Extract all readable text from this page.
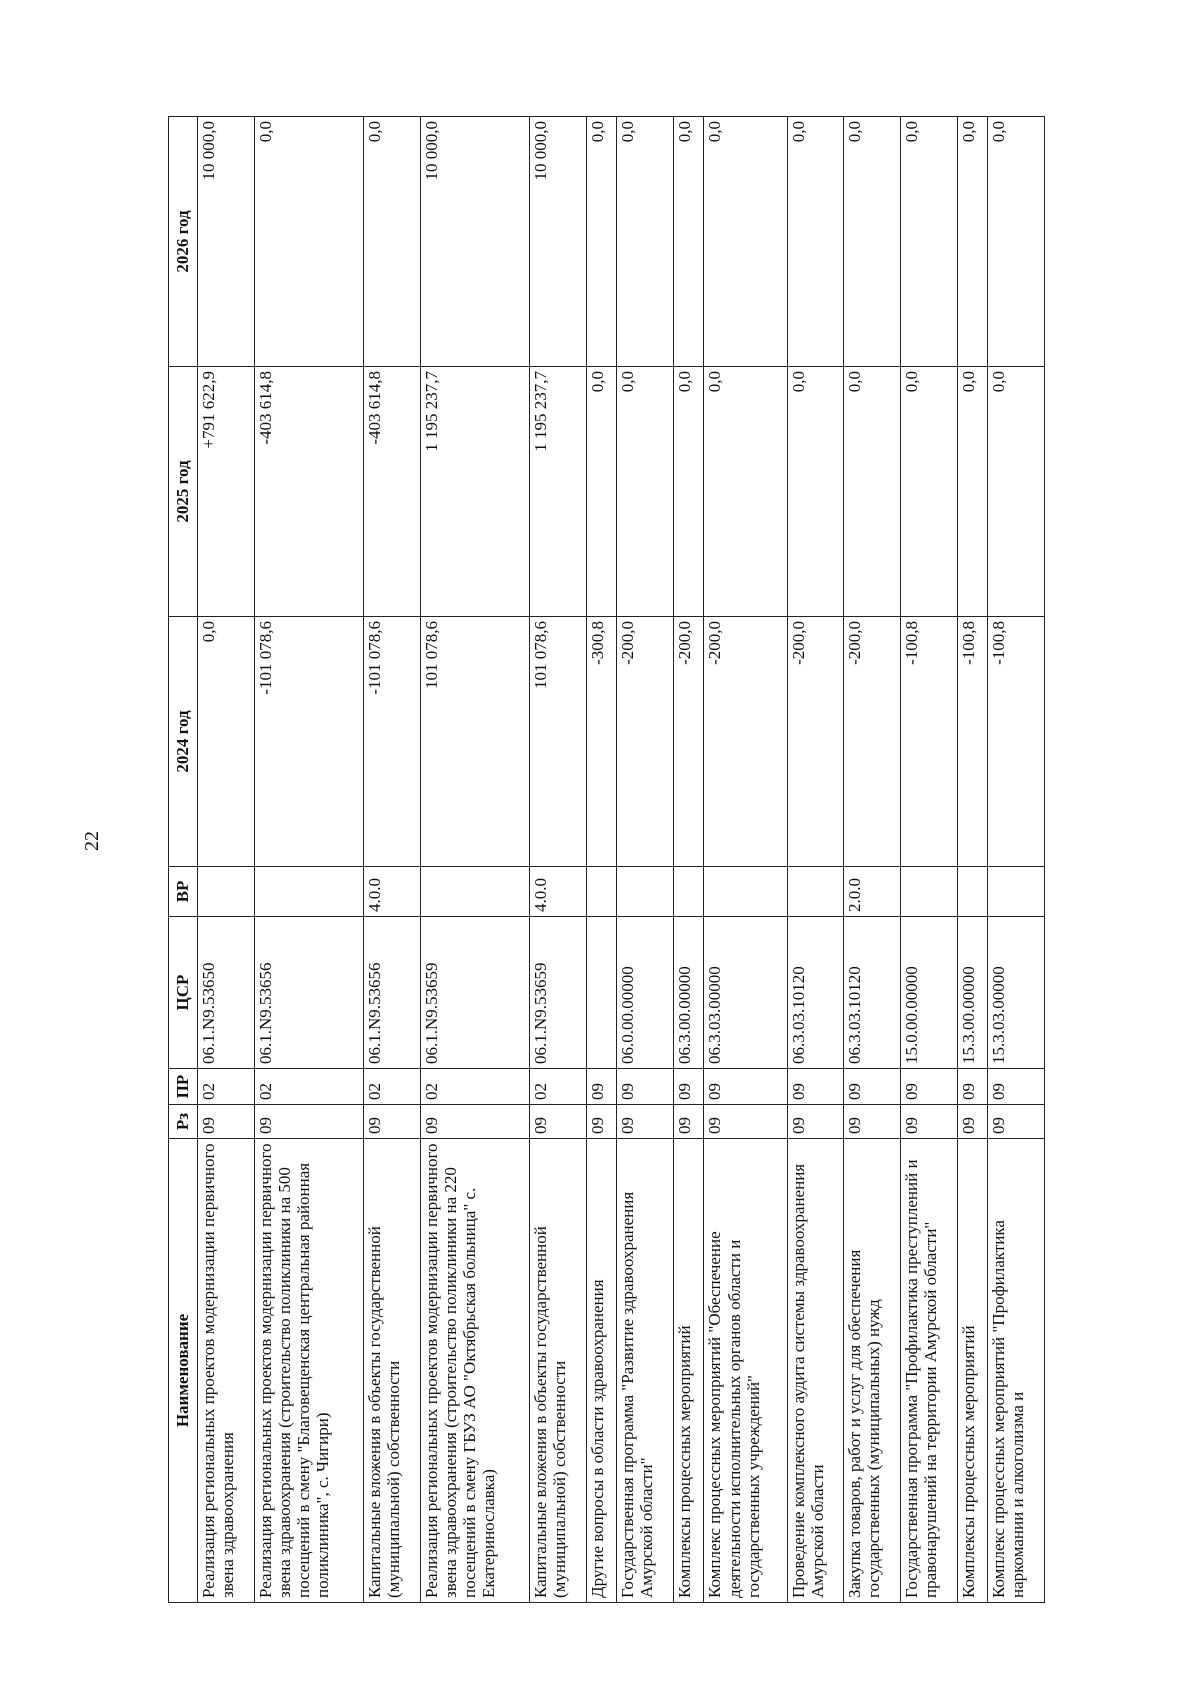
22
Наименование	Рз	ПР	ЦСР	ВР	2024 год	2025 год	2026 год
Реализация региональных проектов модернизации первичного звена здравоохранения	09	02	06.1.N9.53650		0,0	+791 622,9	10 000,0
Реализация региональных проектов модернизации первичного звена здравоохранения (строительство поликлиники на 500 посещений в смену "Благовещенская центральная районная поликлиника", с. Чигири)	09	02	06.1.N9.53656		-101 078,6	-403 614,8	0,0
Капитальные вложения в объекты государственной (муниципальной) собственности	09	02	06.1.N9.53656	4.0.0	-101 078,6	-403 614,8	0,0
Реализация региональных проектов модернизации первичного звена здравоохранения (строительство поликлиники на 220 посещений в смену ГБУЗ АО "Октябрьская больница" с. Екатеринославка)	09	02	06.1.N9.53659		101 078,6	1 195 237,7	10 000,0
Капитальные вложения в объекты государственной (муниципальной) собственности	09	02	06.1.N9.53659	4.0.0	101 078,6	1 195 237,7	10 000,0
Другие вопросы в области здравоохранения	09	09			-300,8	0,0	0,0
Государственная программа "Развитие здравоохранения Амурской области"	09	09	06.0.00.00000		-200,0	0,0	0,0
Комплексы процессных мероприятий	09	09	06.3.00.00000		-200,0	0,0	0,0
Комплекс процессных мероприятий "Обеспечение деятельности исполнительных органов области и государственных учреждений"	09	09	06.3.03.00000		-200,0	0,0	0,0
Проведение комплексного аудита системы здравоохранения Амурской области	09	09	06.3.03.10120		-200,0	0,0	0,0
Закупка товаров, работ и услуг для обеспечения государственных (муниципальных) нужд	09	09	06.3.03.10120	2.0.0	-200,0	0,0	0,0
Государственная программа "Профилактика преступлений и правонарушений на территории Амурской области"	09	09	15.0.00.00000		-100,8	0,0	0,0
Комплексы процессных мероприятий	09	09	15.3.00.00000		-100,8	0,0	0,0
Комплекс процессных мероприятий "Профилактика наркомании и алкоголизма и	09	09	15.3.03.00000		-100,8	0,0	0,0
